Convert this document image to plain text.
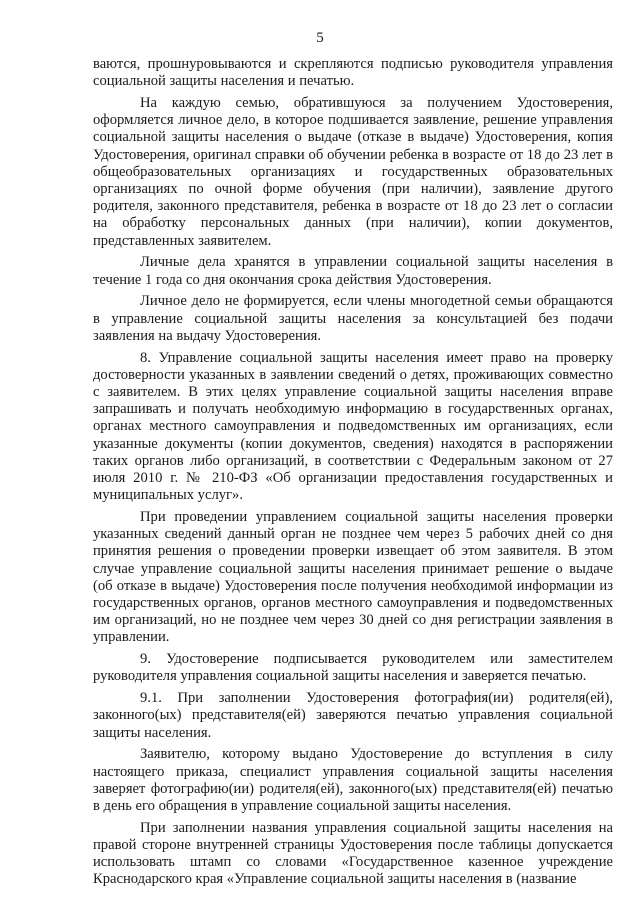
5

ваются, прошнуровываются и скрепляются подписью руководителя управления социальной защиты населения и печатью.

На каждую семью, обратившуюся за получением Удостоверения, оформляется личное дело, в которое подшивается заявление, решение управления социальной защиты населения о выдаче (отказе в выдаче) Удостоверения, копия Удостоверения, оригинал справки об обучении ребенка в возрасте от 18 до 23 лет в общеобразовательных организациях и государственных образовательных организациях по очной форме обучения (при наличии), заявление другого родителя, законного представителя, ребенка в возрасте от 18 до 23 лет о согласии на обработку персональных данных (при наличии), копии документов, представленных заявителем.

Личные дела хранятся в управлении социальной защиты населения в течение 1 года со дня окончания срока действия Удостоверения.

Личное дело не формируется, если члены многодетной семьи обращаются в управление социальной защиты населения за консультацией без подачи заявления на выдачу Удостоверения.

8. Управление социальной защиты населения имеет право на проверку достоверности указанных в заявлении сведений о детях, проживающих совместно с заявителем. В этих целях управление социальной защиты населения вправе запрашивать и получать необходимую информацию в государственных органах, органах местного самоуправления и подведомственных им организациях, если указанные документы (копии документов, сведения) находятся в распоряжении таких органов либо организаций, в соответствии с Федеральным законом от 27 июля 2010 г. № 210-ФЗ «Об организации предоставления государственных и муниципальных услуг».

При проведении управлением социальной защиты населения проверки указанных сведений данный орган не позднее чем через 5 рабочих дней со дня принятия решения о проведении проверки извещает об этом заявителя. В этом случае управление социальной защиты населения принимает решение о выдаче (об отказе в выдаче) Удостоверения после получения необходимой информации из государственных органов, органов местного самоуправления и подведомственных им организаций, но не позднее чем через 30 дней со дня регистрации заявления в управлении.

9. Удостоверение подписывается руководителем или заместителем руководителя управления социальной защиты населения и заверяется печатью.

9.1. При заполнении Удостоверения фотография(ии) родителя(ей), законного(ых) представителя(ей) заверяются печатью управления социальной защиты населения.

Заявителю, которому выдано Удостоверение до вступления в силу настоящего приказа, специалист управления социальной защиты населения заверяет фотографию(ии) родителя(ей), законного(ых) представителя(ей) печатью в день его обращения в управление социальной защиты населения.

При заполнении названия управления социальной защиты населения на правой стороне внутренней страницы Удостоверения после таблицы допускается использовать штамп со словами «Государственное казенное учреждение Краснодарского края «Управление социальной защиты населения в (название
